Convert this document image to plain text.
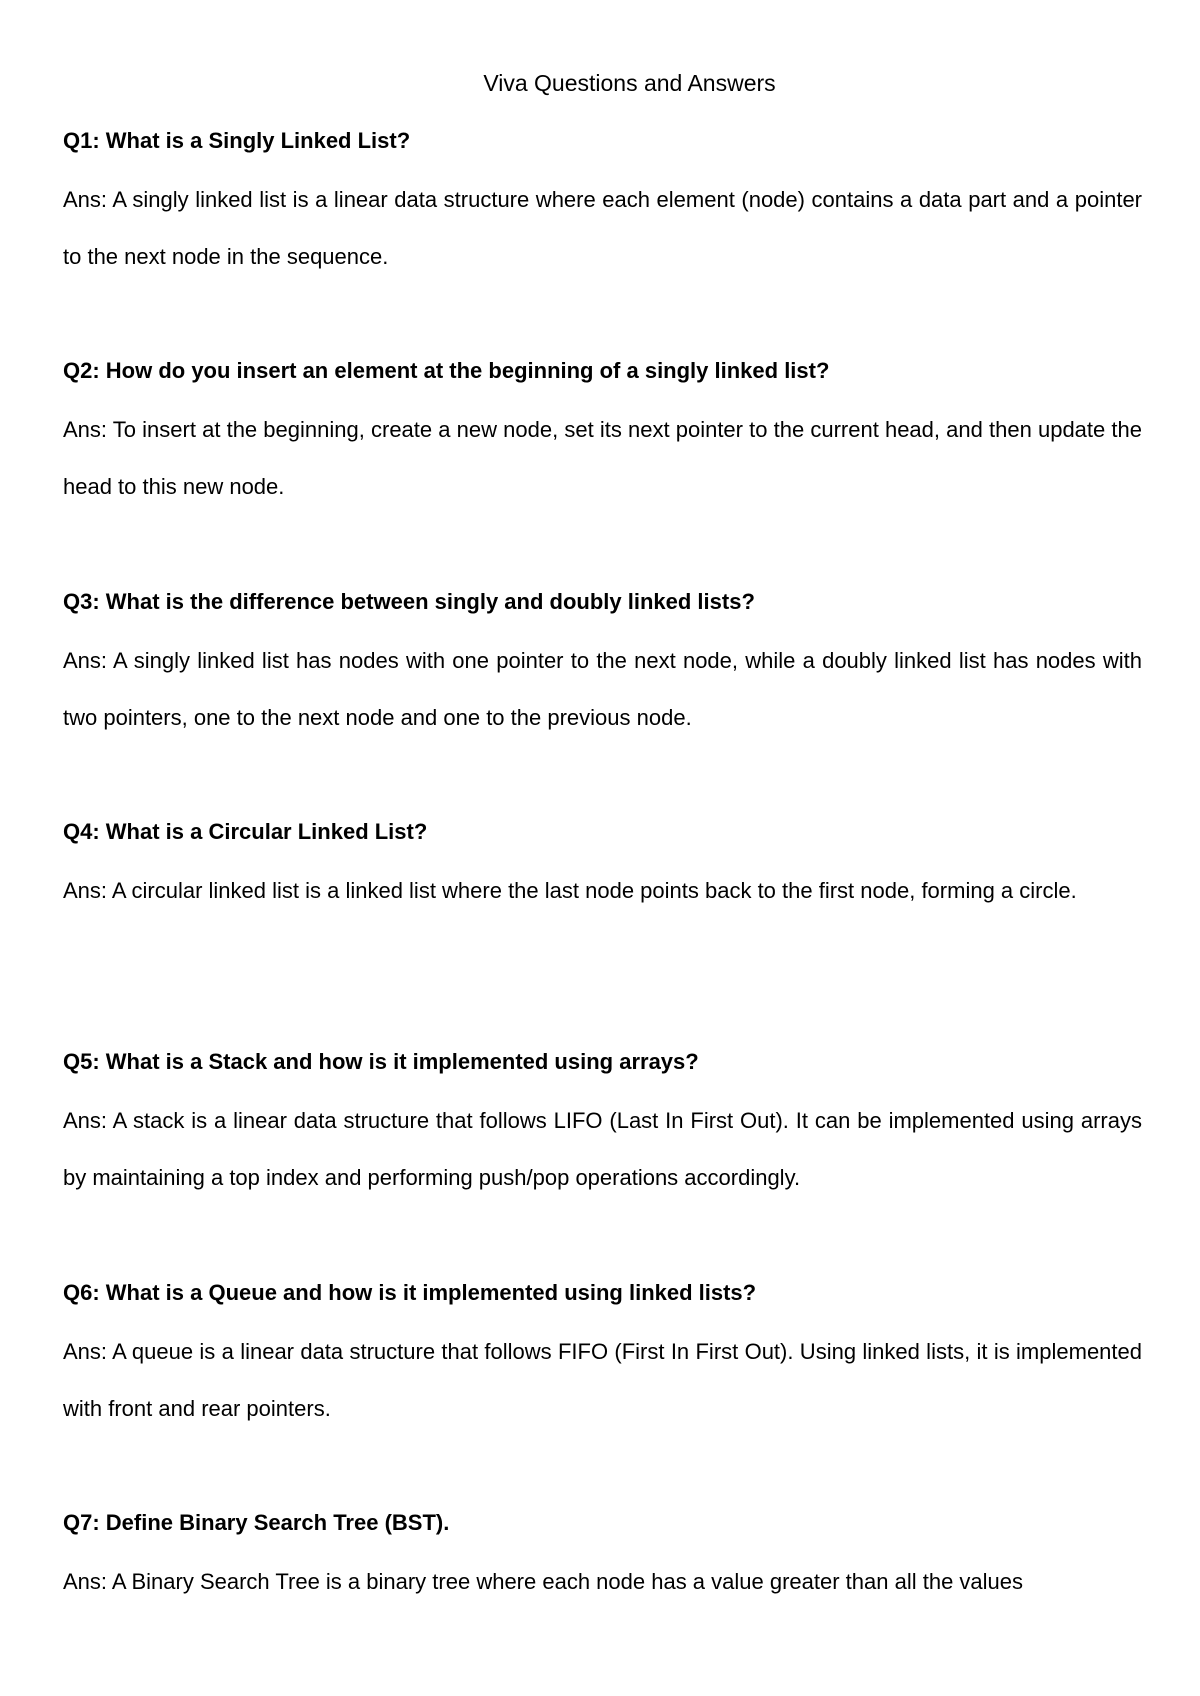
Viva Questions and Answers

Q1: What is a Singly Linked List?

Ans: A singly linked list is a linear data structure where each element (node) contains a data part and a pointer to the next node in the sequence.

Q2: How do you insert an element at the beginning of a singly linked list?

Ans: To insert at the beginning, create a new node, set its next pointer to the current head, and then update the head to this new node.

Q3: What is the difference between singly and doubly linked lists?

Ans: A singly linked list has nodes with one pointer to the next node, while a doubly linked list has nodes with two pointers, one to the next node and one to the previous node.

Q4: What is a Circular Linked List?

Ans: A circular linked list is a linked list where the last node points back to the first node, forming a circle.

Q5: What is a Stack and how is it implemented using arrays?

Ans: A stack is a linear data structure that follows LIFO (Last In First Out). It can be implemented using arrays by maintaining a top index and performing push/pop operations accordingly.

Q6: What is a Queue and how is it implemented using linked lists?

Ans: A queue is a linear data structure that follows FIFO (First In First Out). Using linked lists, it is implemented with front and rear pointers.

Q7: Define Binary Search Tree (BST).

Ans: A Binary Search Tree is a binary tree where each node has a value greater than all the values
